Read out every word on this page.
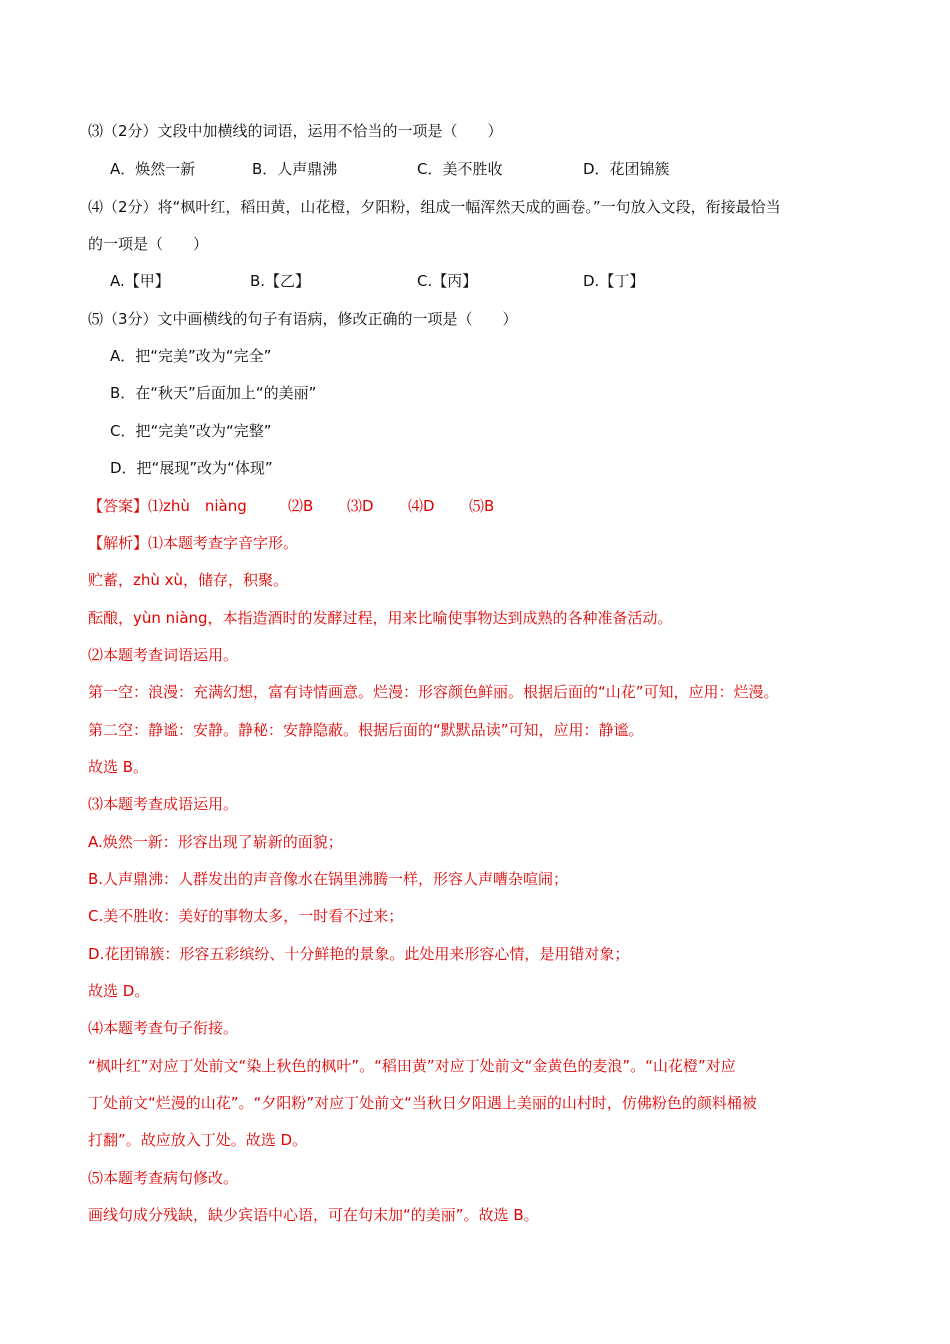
⑶（2分）文段中加横线的词语，运用不恰当的一项是（　　）
A．焕然一新	B．人声鼎沸	C．美不胜收	D．花团锦簇
⑷（2分）将“枫叶红，稻田黄，山花橙，夕阳粉，组成一幅浑然天成的画卷。”一句放入文段，衔接最恰当
的一项是（　　）
A.【甲】	B.【乙】	C.【丙】	D.【丁】
⑸（3分）文中画横线的句子有语病，修改正确的一项是（　　）
A．把“完美”改为“完全”
B．在“秋天”后面加上“的美丽”
C．把“完美”改为“完整”
D．把“展现”改为“体现”
【答案】 ⑴zhù　niàng	⑵B ⑶D ⑷D ⑸B
【解析】⑴本题考查字音字形。
贮蓄，zhù xù，储存，积聚。
酝酿，yùn niàng，本指造酒时的发酵过程，用来比喻使事物达到成熟的各种准备活动。
⑵本题考查词语运用。
第一空：浪漫：充满幻想，富有诗情画意。烂漫：形容颜色鲜丽。根据后面的“山花”可知，应用：烂漫。
第二空：静谧：安静。静秘：安静隐蔽。根据后面的“默默品读”可知，应用：静谧。
故选 B。
⑶本题考查成语运用。
A.焕然一新：形容出现了崭新的面貌；
B.人声鼎沸：人群发出的声音像水在锅里沸腾一样，形容人声嘈杂喧闹；
C.美不胜收：美好的事物太多，一时看不过来；
D.花团锦簇：形容五彩缤纷、十分鲜艳的景象。此处用来形容心情，是用错对象；
故选 D。
⑷本题考查句子衔接。
“枫叶红”对应丁处前文“染上秋色的枫叶”。“稻田黄”对应丁处前文“金黄色的麦浪”。“山花橙”对应
丁处前文“烂漫的山花”。“夕阳粉”对应丁处前文“当秋日夕阳遇上美丽的山村时，仿佛粉色的颜料桶被
打翻”。故应放入丁处。故选 D。
⑸本题考查病句修改。
画线句成分残缺，缺少宾语中心语，可在句末加“的美丽”。故选 B。
